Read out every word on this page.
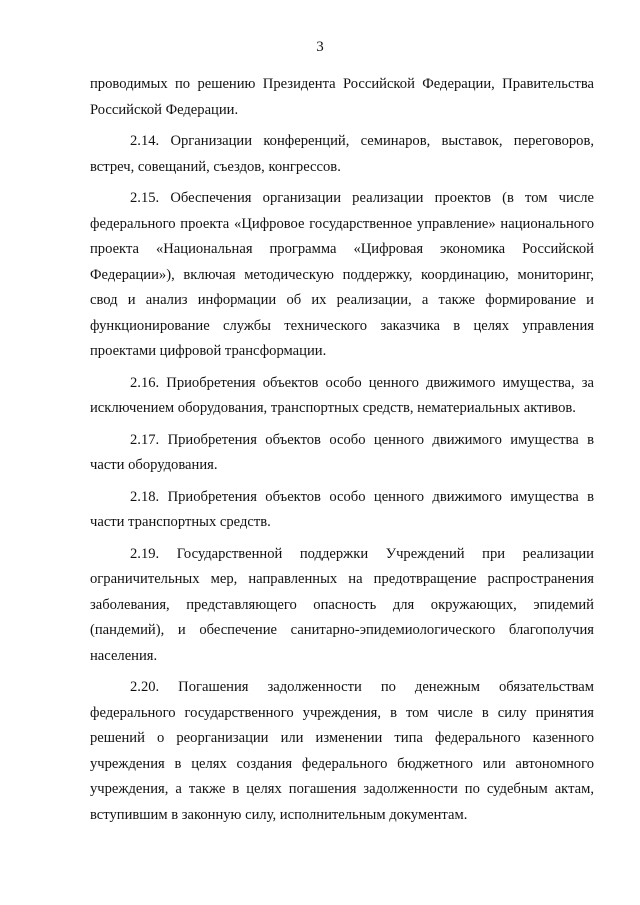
3

проводимых по решению Президента Российской Федерации, Правительства Российской Федерации.

2.14. Организации конференций, семинаров, выставок, переговоров, встреч, совещаний, съездов, конгрессов.

2.15. Обеспечения организации реализации проектов (в том числе федерального проекта «Цифровое государственное управление» национального проекта «Национальная программа «Цифровая экономика Российской Федерации»), включая методическую поддержку, координацию, мониторинг, свод и анализ информации об их реализации, а также формирование и функционирование службы технического заказчика в целях управления проектами цифровой трансформации.

2.16. Приобретения объектов особо ценного движимого имущества, за исключением оборудования, транспортных средств, нематериальных активов.

2.17. Приобретения объектов особо ценного движимого имущества в части оборудования.

2.18. Приобретения объектов особо ценного движимого имущества в части транспортных средств.

2.19. Государственной поддержки Учреждений при реализации ограничительных мер, направленных на предотвращение распространения заболевания, представляющего опасность для окружающих, эпидемий (пандемий), и обеспечение санитарно-эпидемиологического благополучия населения.

2.20. Погашения задолженности по денежным обязательствам федерального государственного учреждения, в том числе в силу принятия решений о реорганизации или изменении типа федерального казенного учреждения в целях создания федерального бюджетного или автономного учреждения, а также в целях погашения задолженности по судебным актам, вступившим в законную силу, исполнительным документам.
